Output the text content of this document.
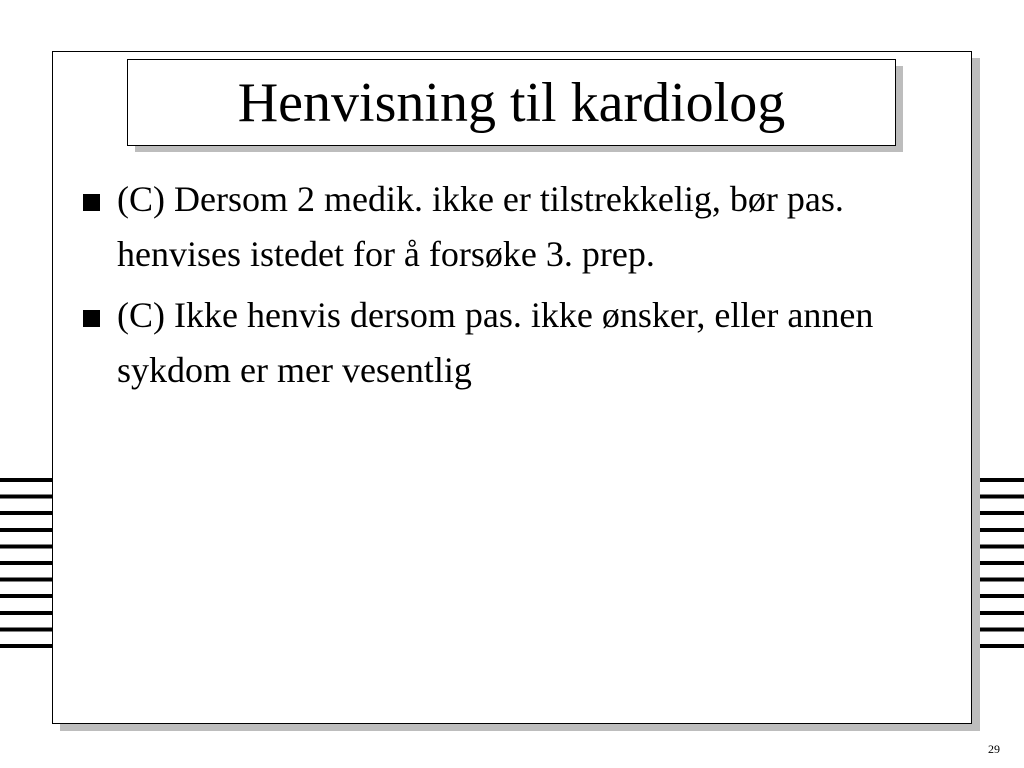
Henvisning til kardiolog
(C) Dersom 2 medik. ikke er tilstrekkelig, bør pas. henvises istedet for å forsøke 3. prep.
(C) Ikke henvis dersom pas. ikke ønsker, eller annen sykdom er mer vesentlig
29
